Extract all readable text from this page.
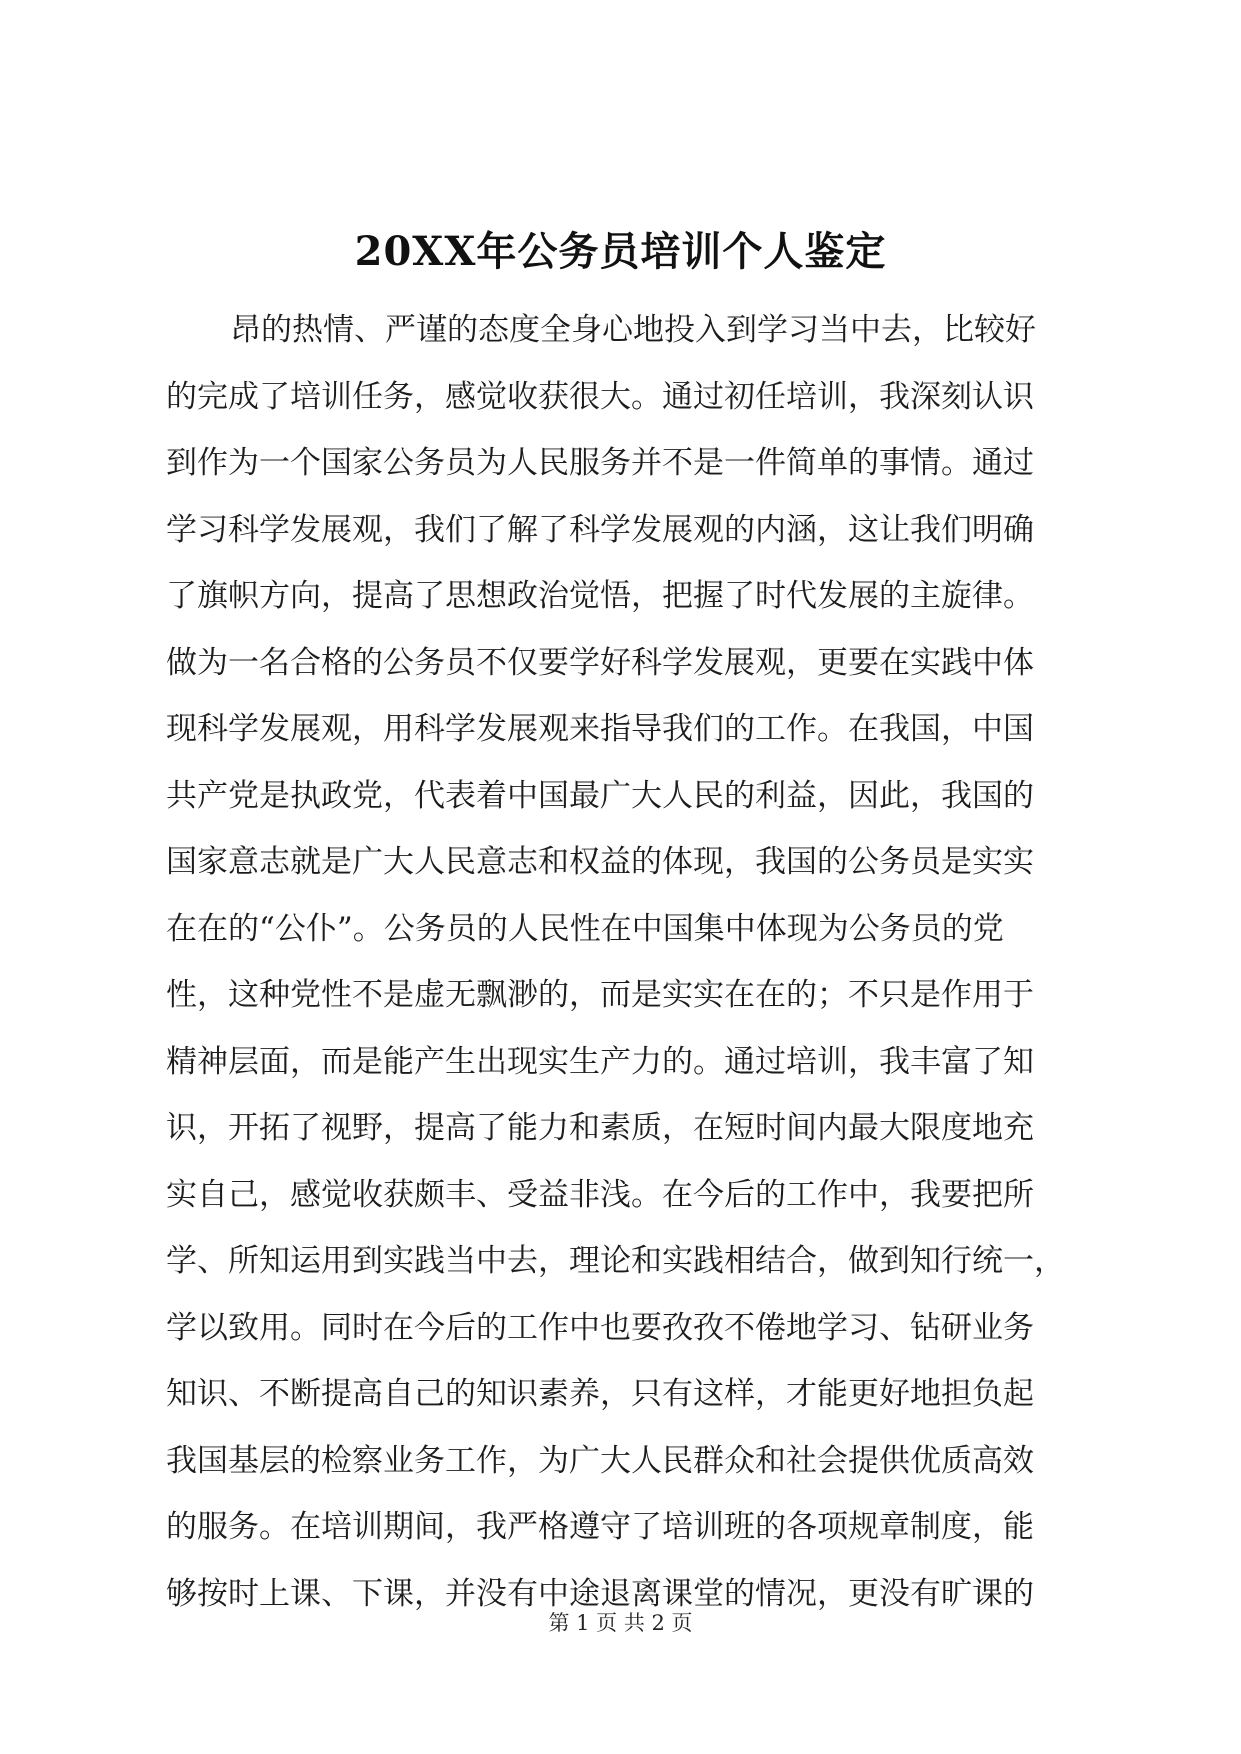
20XX年公务员培训个人鉴定
昂的热情、严谨的态度全身心地投入到学习当中去，比较好
的完成了培训任务，感觉收获很大。通过初任培训，我深刻认识
到作为一个国家公务员为人民服务并不是一件简单的事情。通过
学习科学发展观，我们了解了科学发展观的内涵，这让我们明确
了旗帜方向，提高了思想政治觉悟，把握了时代发展的主旋律。
做为一名合格的公务员不仅要学好科学发展观，更要在实践中体
现科学发展观，用科学发展观来指导我们的工作。在我国，中国
共产党是执政党，代表着中国最广大人民的利益，因此，我国的
国家意志就是广大人民意志和权益的体现，我国的公务员是实实
在在的“公仆”。公务员的人民性在中国集中体现为公务员的党
性，这种党性不是虚无飘渺的，而是实实在在的；不只是作用于
精神层面，而是能产生出现实生产力的。通过培训，我丰富了知
识，开拓了视野，提高了能力和素质，在短时间内最大限度地充
实自己，感觉收获颇丰、受益非浅。在今后的工作中，我要把所
学、所知运用到实践当中去，理论和实践相结合，做到知行统一，
学以致用。同时在今后的工作中也要孜孜不倦地学习、钻研业务
知识、不断提高自己的知识素养，只有这样，才能更好地担负起
我国基层的检察业务工作，为广大人民群众和社会提供优质高效
的服务。在培训期间，我严格遵守了培训班的各项规章制度，能
够按时上课、下课，并没有中途退离课堂的情况，更没有旷课的
第 1 页 共 2 页
